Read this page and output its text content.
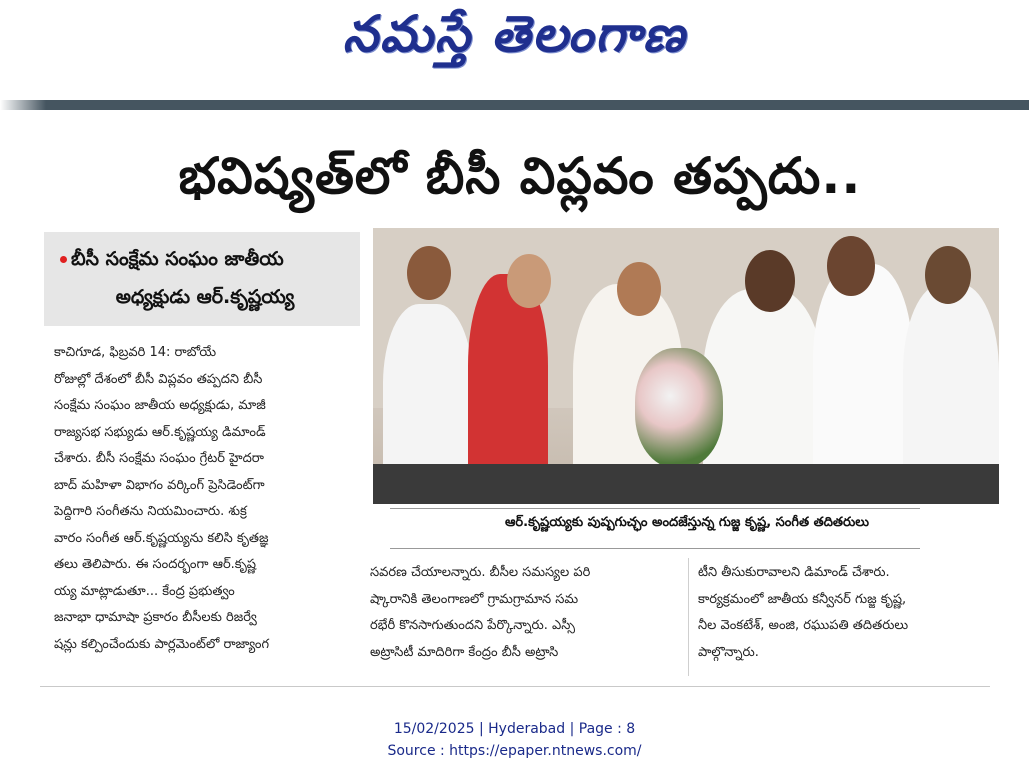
నమస్తే తెలంగాణ
భవిష్యత్‌లో బీసీ విప్లవం తప్పదు..
బీసీ సంక్షేమ సంఘం జాతీయ
అధ్యక్షుడు ఆర్‌.కృష్ణయ్య

కాచిగూడ, ఫిబ్రవరి 14: రాబోయే

రోజుల్లో దేశంలో బీసీ విప్లవం తప్పదని బీసీ

సంక్షేమ సంఘం జాతీయ అధ్యక్షుడు, మాజీ

రాజ్యసభ సభ్యుడు ఆర్‌.కృష్ణయ్య డిమాండ్‌

చేశారు. బీసీ సంక్షేమ సంఘం గ్రేటర్‌ హైదరా

బాద్‌ మహిళా విభాగం వర్కింగ్‌ ప్రెసిడెంట్‌గా

పెద్దిగారి సంగీతను నియమించారు. శుక్ర

వారం సంగీత ఆర్‌.కృష్ణయ్యను కలిసి కృతజ్ఞ

తలు తెలిపారు. ఈ సందర్భంగా ఆర్‌.కృష్ణ

య్య మాట్లాడుతూ... కేంద్ర ప్రభుత్వం

జనాభా ధామాషా ప్రకారం బీసీలకు రిజర్వే

షన్లు కల్పించేందుకు పార్లమెంట్‌లో రాజ్యాంగ

ఆర్‌.కృష్ణయ్యకు పుష్పగుచ్ఛం అందజేస్తున్న గుజ్జ కృష్ణ, సంగీత తదితరులు

సవరణ చేయాలన్నారు. బీసీల సమస్యల పరి

ష్కారానికి తెలంగాణలో గ్రామగ్రామాన సమ

రభేరీ కొనసాగుతుందని పేర్కొన్నారు. ఎస్సీ

అట్రాసిటీ మాదిరిగా కేంద్రం బీసీ అట్రాసి

టీని తీసుకురావాలని డిమాండ్‌ చేశారు.

కార్యక్రమంలో జాతీయ కన్వీనర్‌ గుజ్జ కృష్ణ,

నీల వెంకటేశ్‌, అంజి, రఘుపతి తదితరులు

పాల్గొన్నారు.

15/02/2025 | Hyderabad | Page : 8
Source : https://epaper.ntnews.com/
